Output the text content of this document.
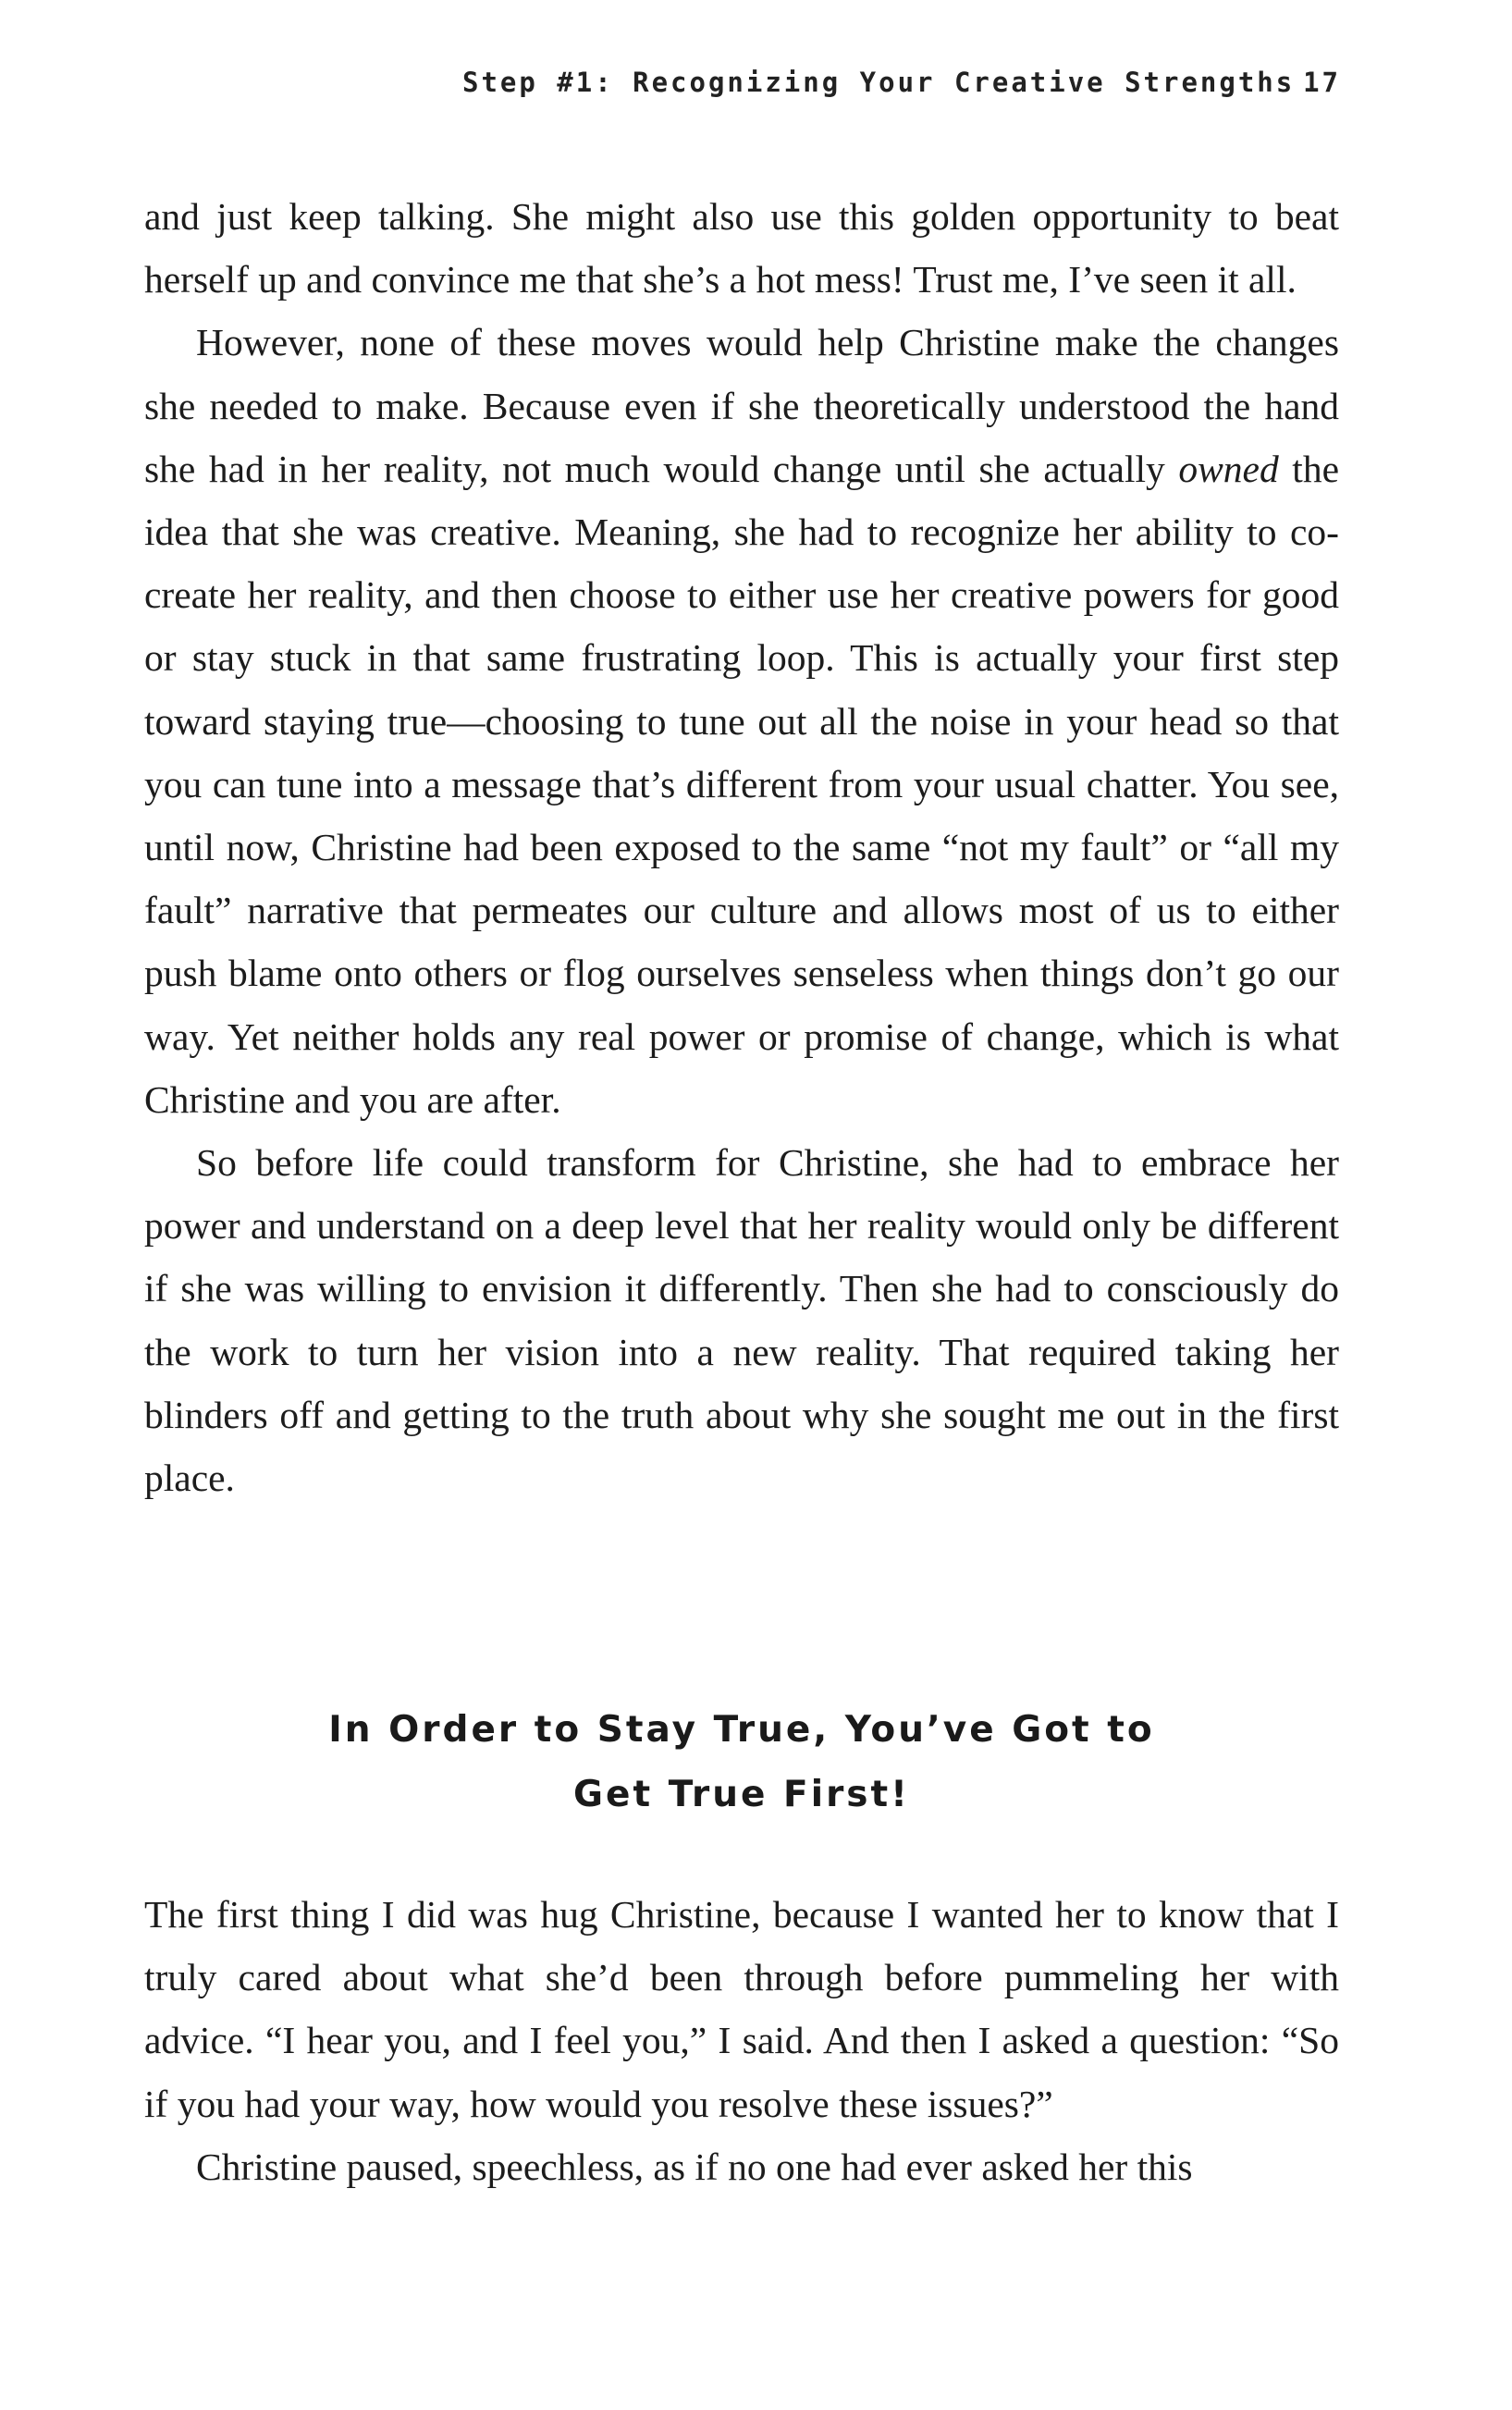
Step #1: Recognizing Your Creative Strengths 17

and just keep talking. She might also use this golden opportunity to beat herself up and convince me that she’s a hot mess! Trust me, I’ve seen it all.

However, none of these moves would help Christine make the changes she needed to make. Because even if she theoretically understood the hand she had in her reality, not much would change until she actually owned the idea that she was creative. Meaning, she had to recognize her ability to co-create her reality, and then choose to either use her creative powers for good or stay stuck in that same frustrating loop. This is actually your first step toward staying true—choosing to tune out all the noise in your head so that you can tune into a message that’s different from your usual chatter. You see, until now, Christine had been exposed to the same “not my fault” or “all my fault” narrative that permeates our culture and allows most of us to either push blame onto others or flog ourselves senseless when things don’t go our way. Yet neither holds any real power or promise of change, which is what Christine and you are after.

So before life could transform for Christine, she had to embrace her power and understand on a deep level that her reality would only be different if she was willing to envision it differently. Then she had to consciously do the work to turn her vision into a new reality. That required taking her blinders off and getting to the truth about why she sought me out in the first place.

In Order to Stay True, You’ve Got to
Get True First!

The first thing I did was hug Christine, because I wanted her to know that I truly cared about what she’d been through before pummeling her with advice. “I hear you, and I feel you,” I said. And then I asked a question: “So if you had your way, how would you resolve these issues?”

Christine paused, speechless, as if no one had ever asked her this
